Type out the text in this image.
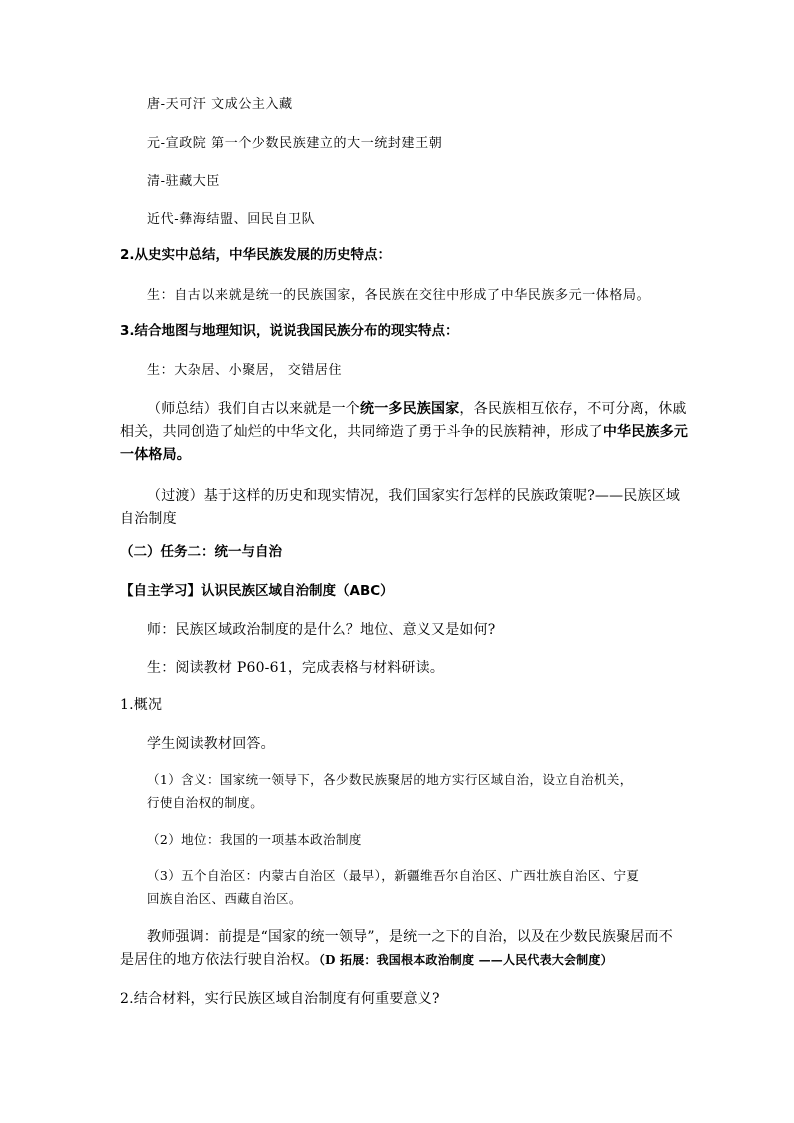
唐-天可汗 文成公主入藏
元-宣政院 第一个少数民族建立的大一统封建王朝
清-驻藏大臣
近代-彝海结盟、回民自卫队
2.从史实中总结，中华民族发展的历史特点：
生：自古以来就是统一的民族国家，各民族在交往中形成了中华民族多元一体格局。
3.结合地图与地理知识，说说我国民族分布的现实特点：
生：大杂居、小聚居， 交错居住
（师总结）我们自古以来就是一个统一多民族国家，各民族相互依存，不可分离，休戚
相关，共同创造了灿烂的中华文化，共同缔造了勇于斗争的民族精神，形成了中华民族多元
一体格局。
（过渡）基于这样的历史和现实情况，我们国家实行怎样的民族政策呢?——民族区域
自治制度
（二）任务二：统一与自治
【自主学习】认识民族区域自治制度（ABC）
师：民族区域政治制度的是什么？地位、意义又是如何?
生：阅读教材 P60-61，完成表格与材料研读。
1.概况
学生阅读教材回答。
（1）含义：国家统一领导下，各少数民族聚居的地方实行区域自治，设立自治机关，
行使自治权的制度。
（2）地位：我国的一项基本政治制度
（3）五个自治区：内蒙古自治区（最早），新疆维吾尔自治区、广西壮族自治区、宁夏
回族自治区、西藏自治区。
教师强调：前提是“国家的统一领导”，是统一之下的自治，以及在少数民族聚居而不
是居住的地方依法行驶自治权。（D 拓展：我国根本政治制度 ——人民代表大会制度）
2.结合材料，实行民族区域自治制度有何重要意义?
